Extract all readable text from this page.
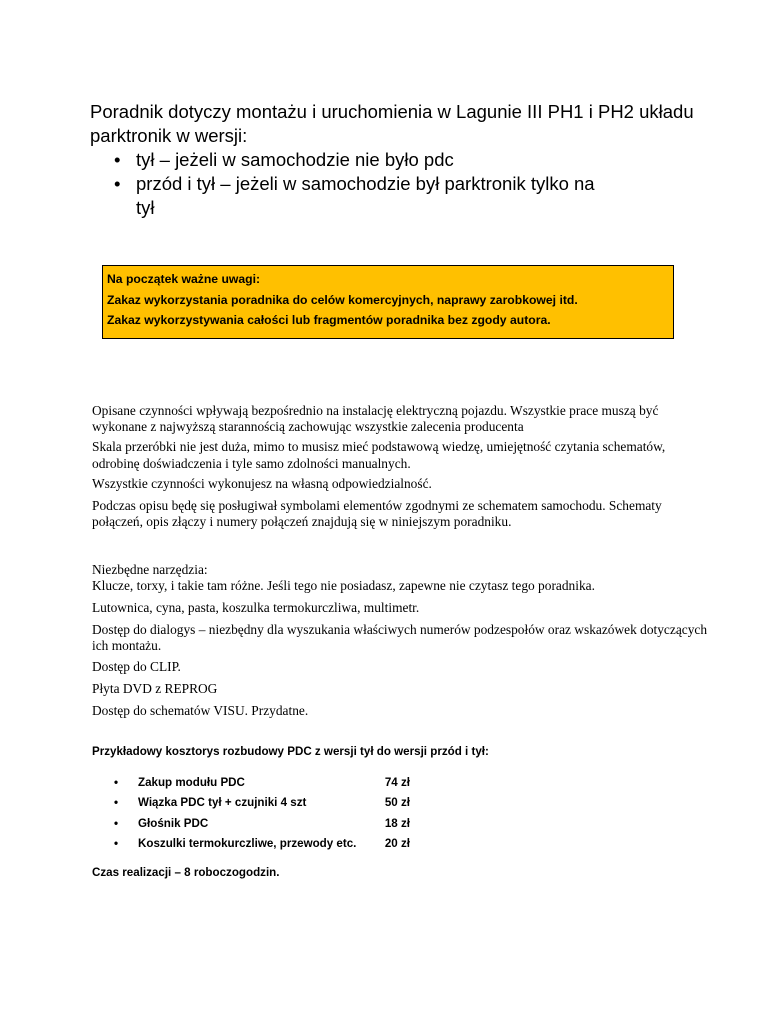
Poradnik dotyczy montażu i uruchomienia w Lagunie III PH1 i PH2 układu parktronik w wersji:

• tył – jeżeli w samochodzie nie było pdc
• przód i tył – jeżeli w samochodzie był parktronik tylko na tył
Na początek ważne uwagi:
Zakaz wykorzystania poradnika do celów komercyjnych, naprawy zarobkowej itd.
Zakaz wykorzystywania całości lub fragmentów poradnika bez zgody autora.

Opisane czynności wpływają bezpośrednio na instalację elektryczną pojazdu. Wszystkie prace muszą być wykonane z najwyższą starannością zachowując wszystkie zalecenia producenta

Skala przeróbki nie jest duża, mimo to musisz mieć podstawową wiedzę, umiejętność czytania schematów, odrobinę doświadczenia i tyle samo zdolności manualnych.

Wszystkie czynności wykonujesz na własną odpowiedzialność.

Podczas opisu będę się posługiwał symbolami elementów zgodnymi ze schematem samochodu. Schematy połączeń, opis złączy i numery połączeń znajdują się w niniejszym poradniku.

Niezbędne narzędzia:

Klucze, torxy, i takie tam różne. Jeśli tego nie posiadasz, zapewne nie czytasz tego poradnika.

Lutownica, cyna, pasta, koszulka termokurczliwa, multimetr.

Dostęp do dialogys – niezbędny dla wyszukania właściwych numerów podzespołów oraz wskazówek dotyczących ich montażu.

Dostęp do CLIP.

Płyta DVD z REPROG

Dostęp do schematów VISU. Przydatne.

Przykładowy kosztorys rozbudowy PDC z wersji tył do wersji przód i tył:
• Zakup modułu PDC	74 zł
• Wiązka PDC tył + czujniki 4 szt	50 zł
• Głośnik PDC	18 zł
• Koszulki termokurczliwe, przewody etc.	20 zł
Czas realizacji – 8 roboczogodzin.
